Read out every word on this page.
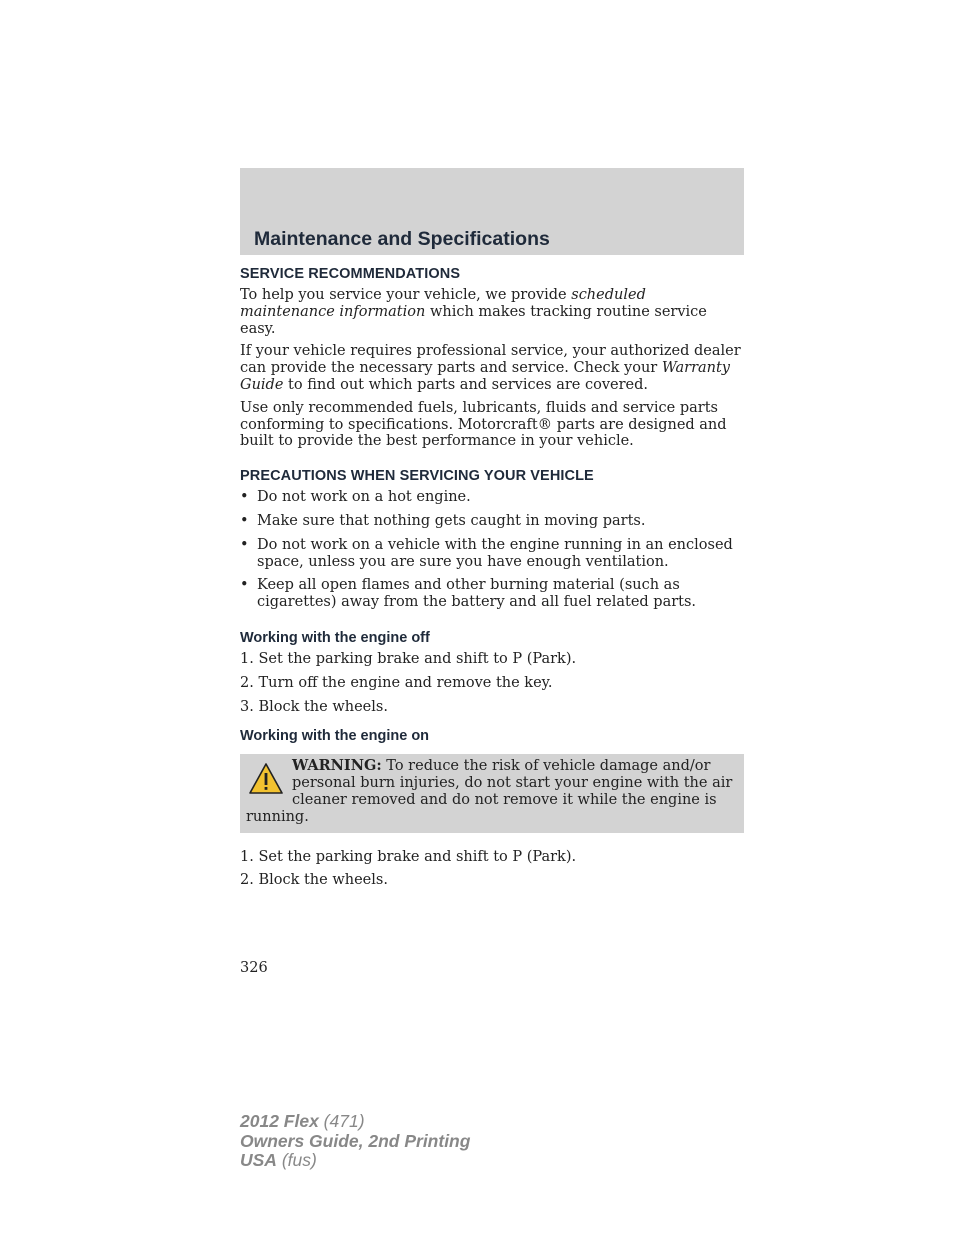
Maintenance and Specifications
SERVICE RECOMMENDATIONS

To help you service your vehicle, we provide scheduled maintenance information which makes tracking routine service easy.

If your vehicle requires professional service, your authorized dealer can provide the necessary parts and service. Check your Warranty Guide to find out which parts and services are covered.

Use only recommended fuels, lubricants, fluids and service parts conforming to specifications. Motorcraft® parts are designed and built to provide the best performance in your vehicle.

PRECAUTIONS WHEN SERVICING YOUR VEHICLE
• Do not work on a hot engine.
• Make sure that nothing gets caught in moving parts.
• Do not work on a vehicle with the engine running in an enclosed space, unless you are sure you have enough ventilation.
• Keep all open flames and other burning material (such as cigarettes) away from the battery and all fuel related parts.
Working with the engine off
1. Set the parking brake and shift to P (Park).
2. Turn off the engine and remove the key.
3. Block the wheels.
Working with the engine on
WARNING: To reduce the risk of vehicle damage and/or personal burn injuries, do not start your engine with the air cleaner removed and do not remove it while the engine is running.
1. Set the parking brake and shift to P (Park).
2. Block the wheels.
326
2012 Flex (471)
Owners Guide, 2nd Printing
USA (fus)
